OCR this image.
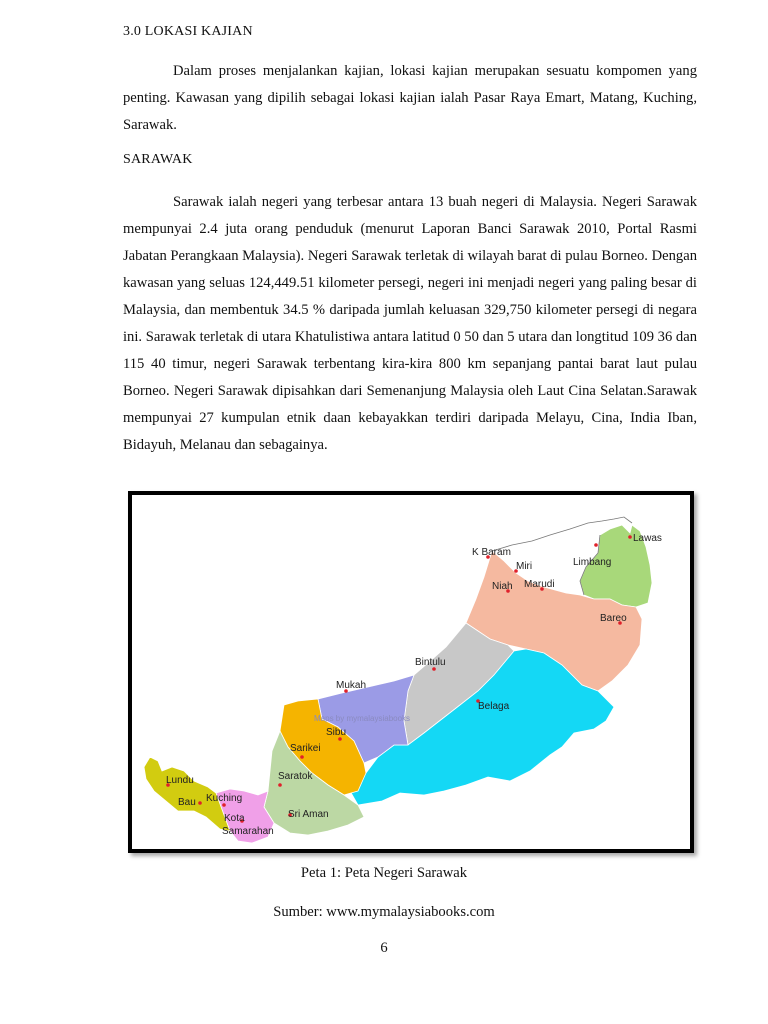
3.0 LOKASI KAJIAN

Dalam proses menjalankan kajian, lokasi kajian merupakan sesuatu kompomen yang penting. Kawasan yang dipilih sebagai lokasi kajian ialah Pasar Raya Emart, Matang, Kuching, Sarawak.

SARAWAK

Sarawak ialah negeri yang terbesar antara 13 buah negeri di Malaysia. Negeri Sarawak mempunyai 2.4 juta orang penduduk (menurut Laporan Banci Sarawak 2010, Portal Rasmi Jabatan Perangkaan Malaysia). Negeri Sarawak terletak di wilayah barat di pulau Borneo. Dengan kawasan yang seluas 124,449.51 kilometer persegi, negeri ini menjadi negeri yang paling besar di Malaysia, dan membentuk 34.5 % daripada jumlah keluasan 329,750 kilometer persegi di negara ini. Sarawak terletak di utara Khatulistiwa antara latitud 0 50 dan 5 utara dan longtitud 109 36 dan 115 40 timur, negeri Sarawak terbentang kira-kira 800 km sepanjang pantai barat laut pulau Borneo. Negeri Sarawak dipisahkan dari Semenanjung Malaysia oleh Laut Cina Selatan.Sarawak mempunyai 27 kumpulan etnik daan kebayakkan terdiri daripada Melayu, Cina, India Iban, Bidayuh, Melanau dan sebagainya.

Maps by mymalaysiabooks
Lawas
Limbang
K Baram
Miri
Niah Marudi
Bareo
Bintulu
Mukah
Belaga
Sibu
Sarikei
Saratok
Sri Aman
Lundu
Bau Kuching
Kota
Samarahan
Peta 1: Peta Negeri Sarawak
Sumber: www.mymalaysiabooks.com
6
